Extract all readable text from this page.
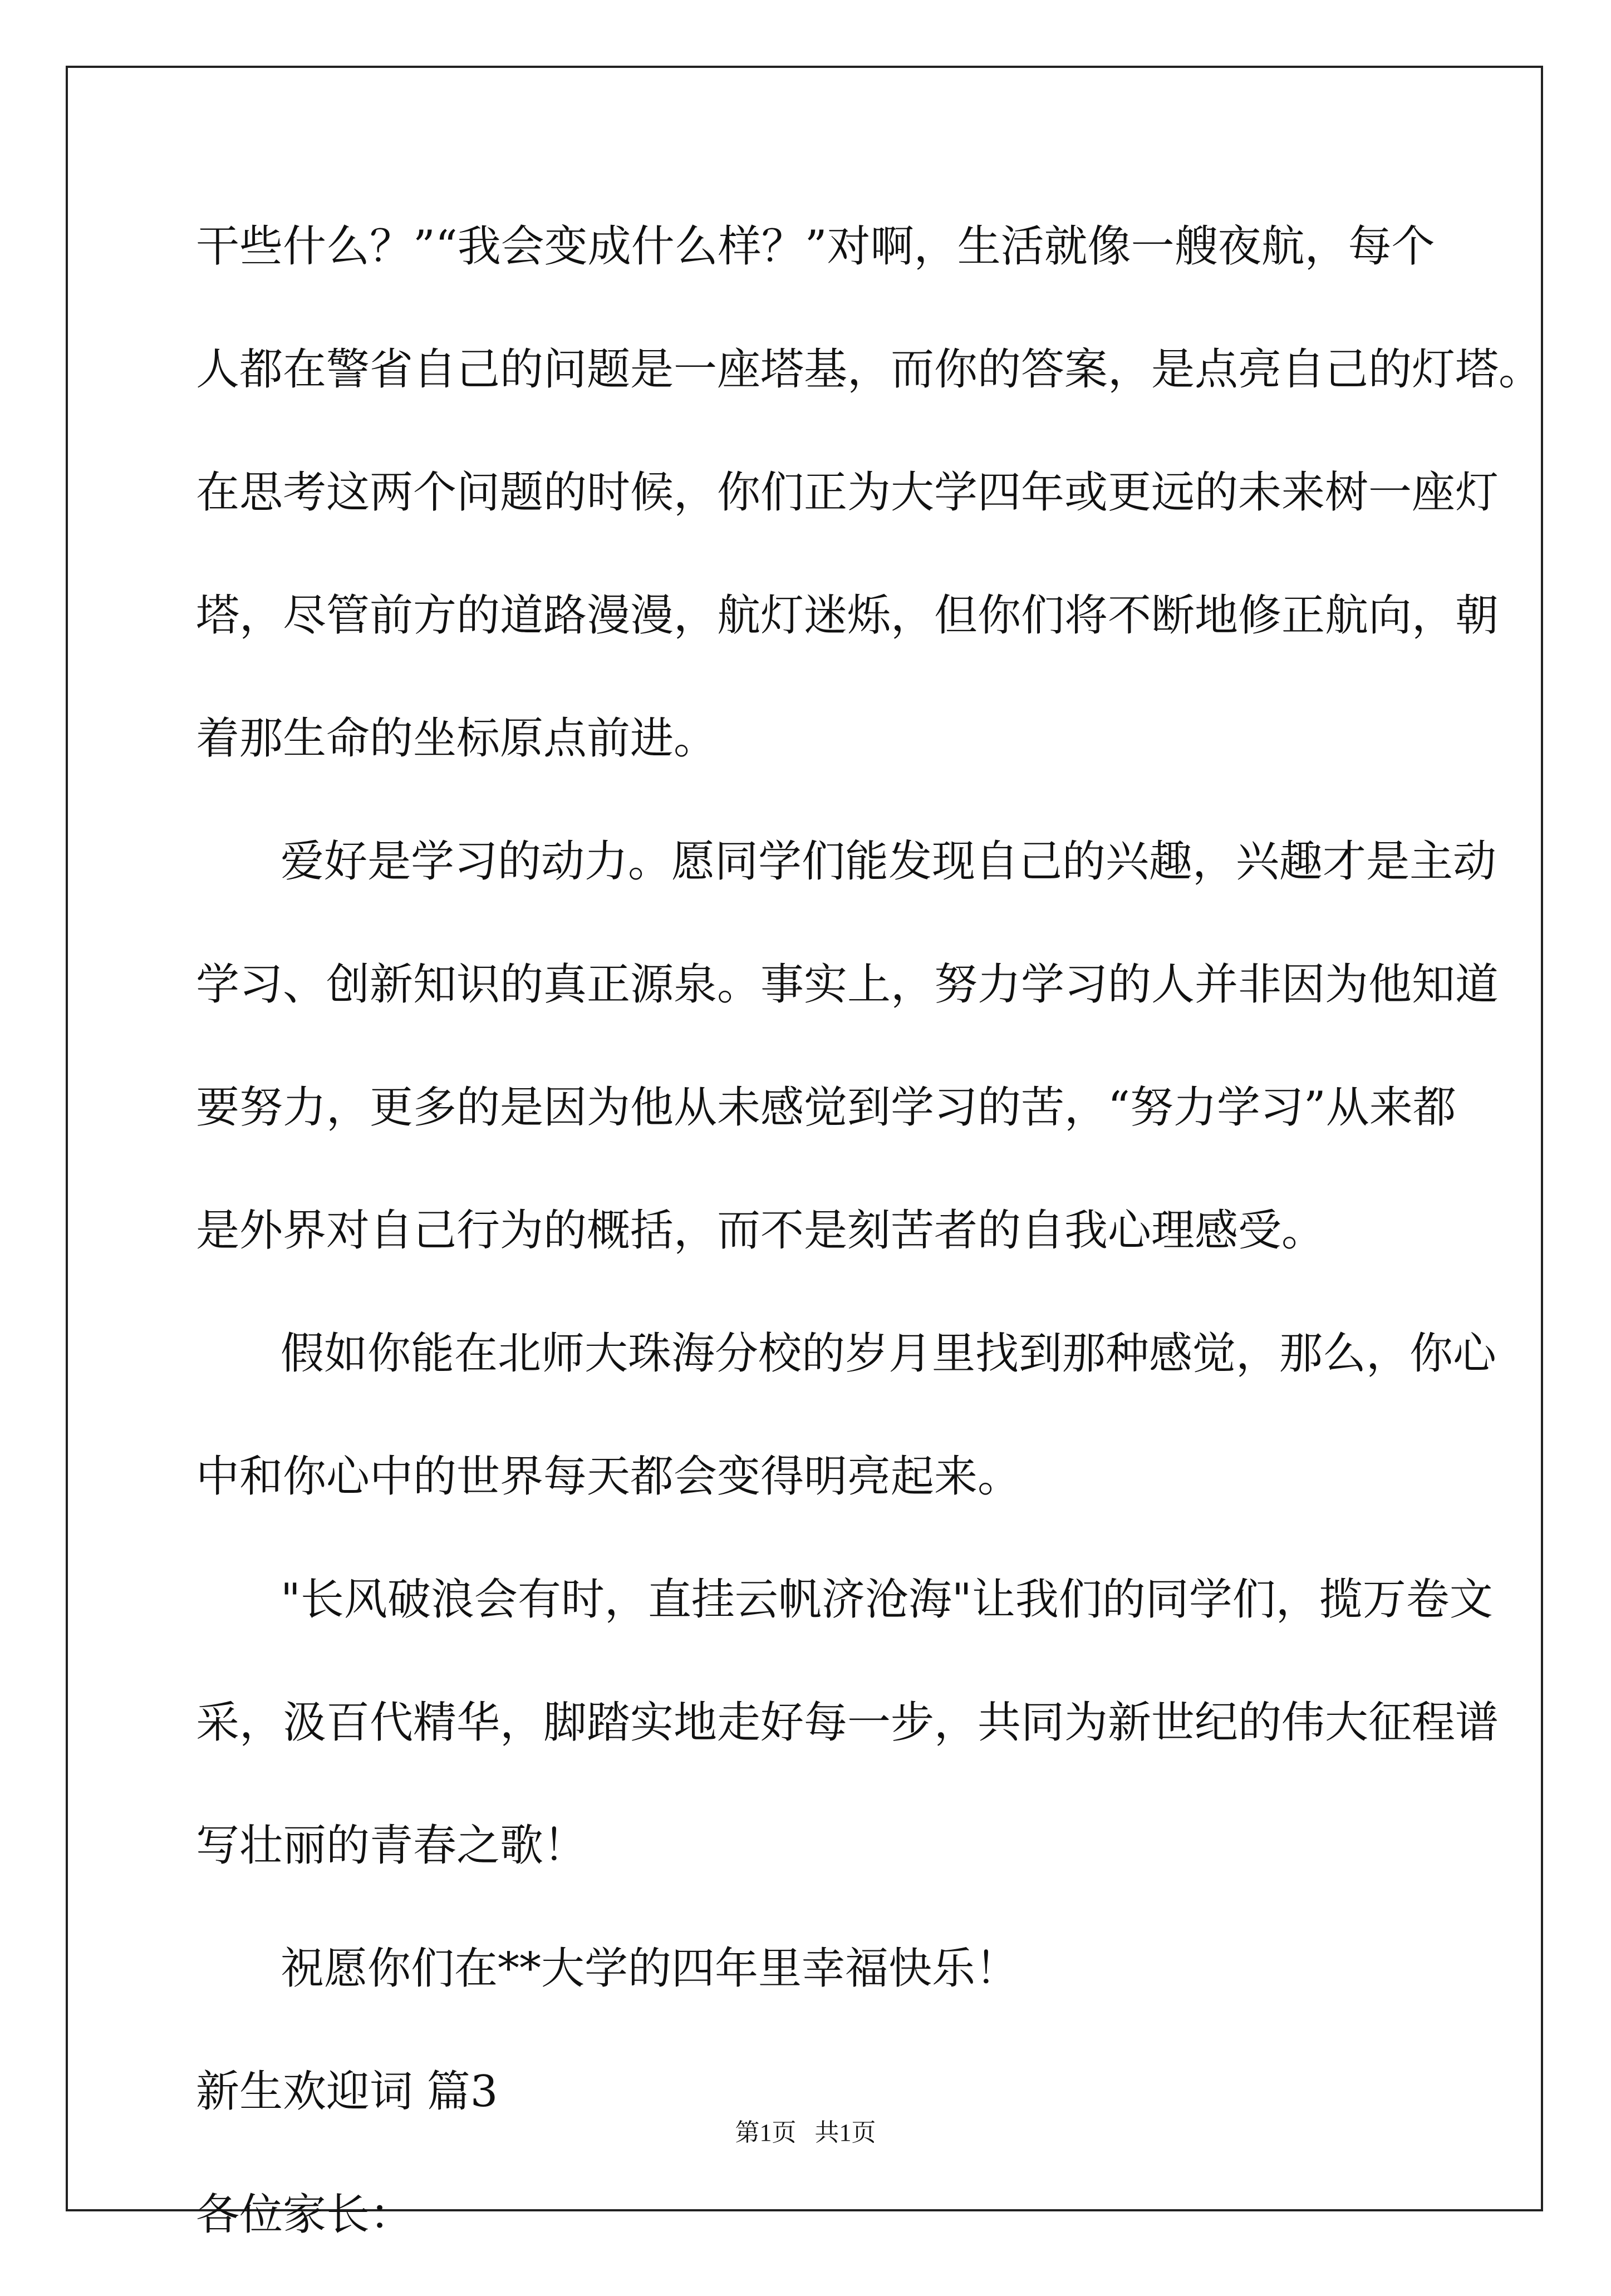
干些什么？”“我会变成什么样？”对啊，生活就像一艘夜航，每个
人都在警省自己的问题是一座塔基，而你的答案，是点亮自己的灯塔。
在思考这两个问题的时候，你们正为大学四年或更远的未来树一座灯
塔，尽管前方的道路漫漫，航灯迷烁，但你们将不断地修正航向，朝
着那生命的坐标原点前进。
爱好是学习的动力。愿同学们能发现自己的兴趣，兴趣才是主动
学习、创新知识的真正源泉。事实上，努力学习的人并非因为他知道
要努力，更多的是因为他从未感觉到学习的苦，“努力学习”从来都
是外界对自己行为的概括，而不是刻苦者的自我心理感受。
假如你能在北师大珠海分校的岁月里找到那种感觉，那么，你心
中和你心中的世界每天都会变得明亮起来。
"长风破浪会有时，直挂云帆济沧海"让我们的同学们，揽万卷文
采，汲百代精华，脚踏实地走好每一步，共同为新世纪的伟大征程谱
写壮丽的青春之歌！
祝愿你们在**大学的四年里幸福快乐！
新生欢迎词 篇3
各位家长：
第1页   共1页
